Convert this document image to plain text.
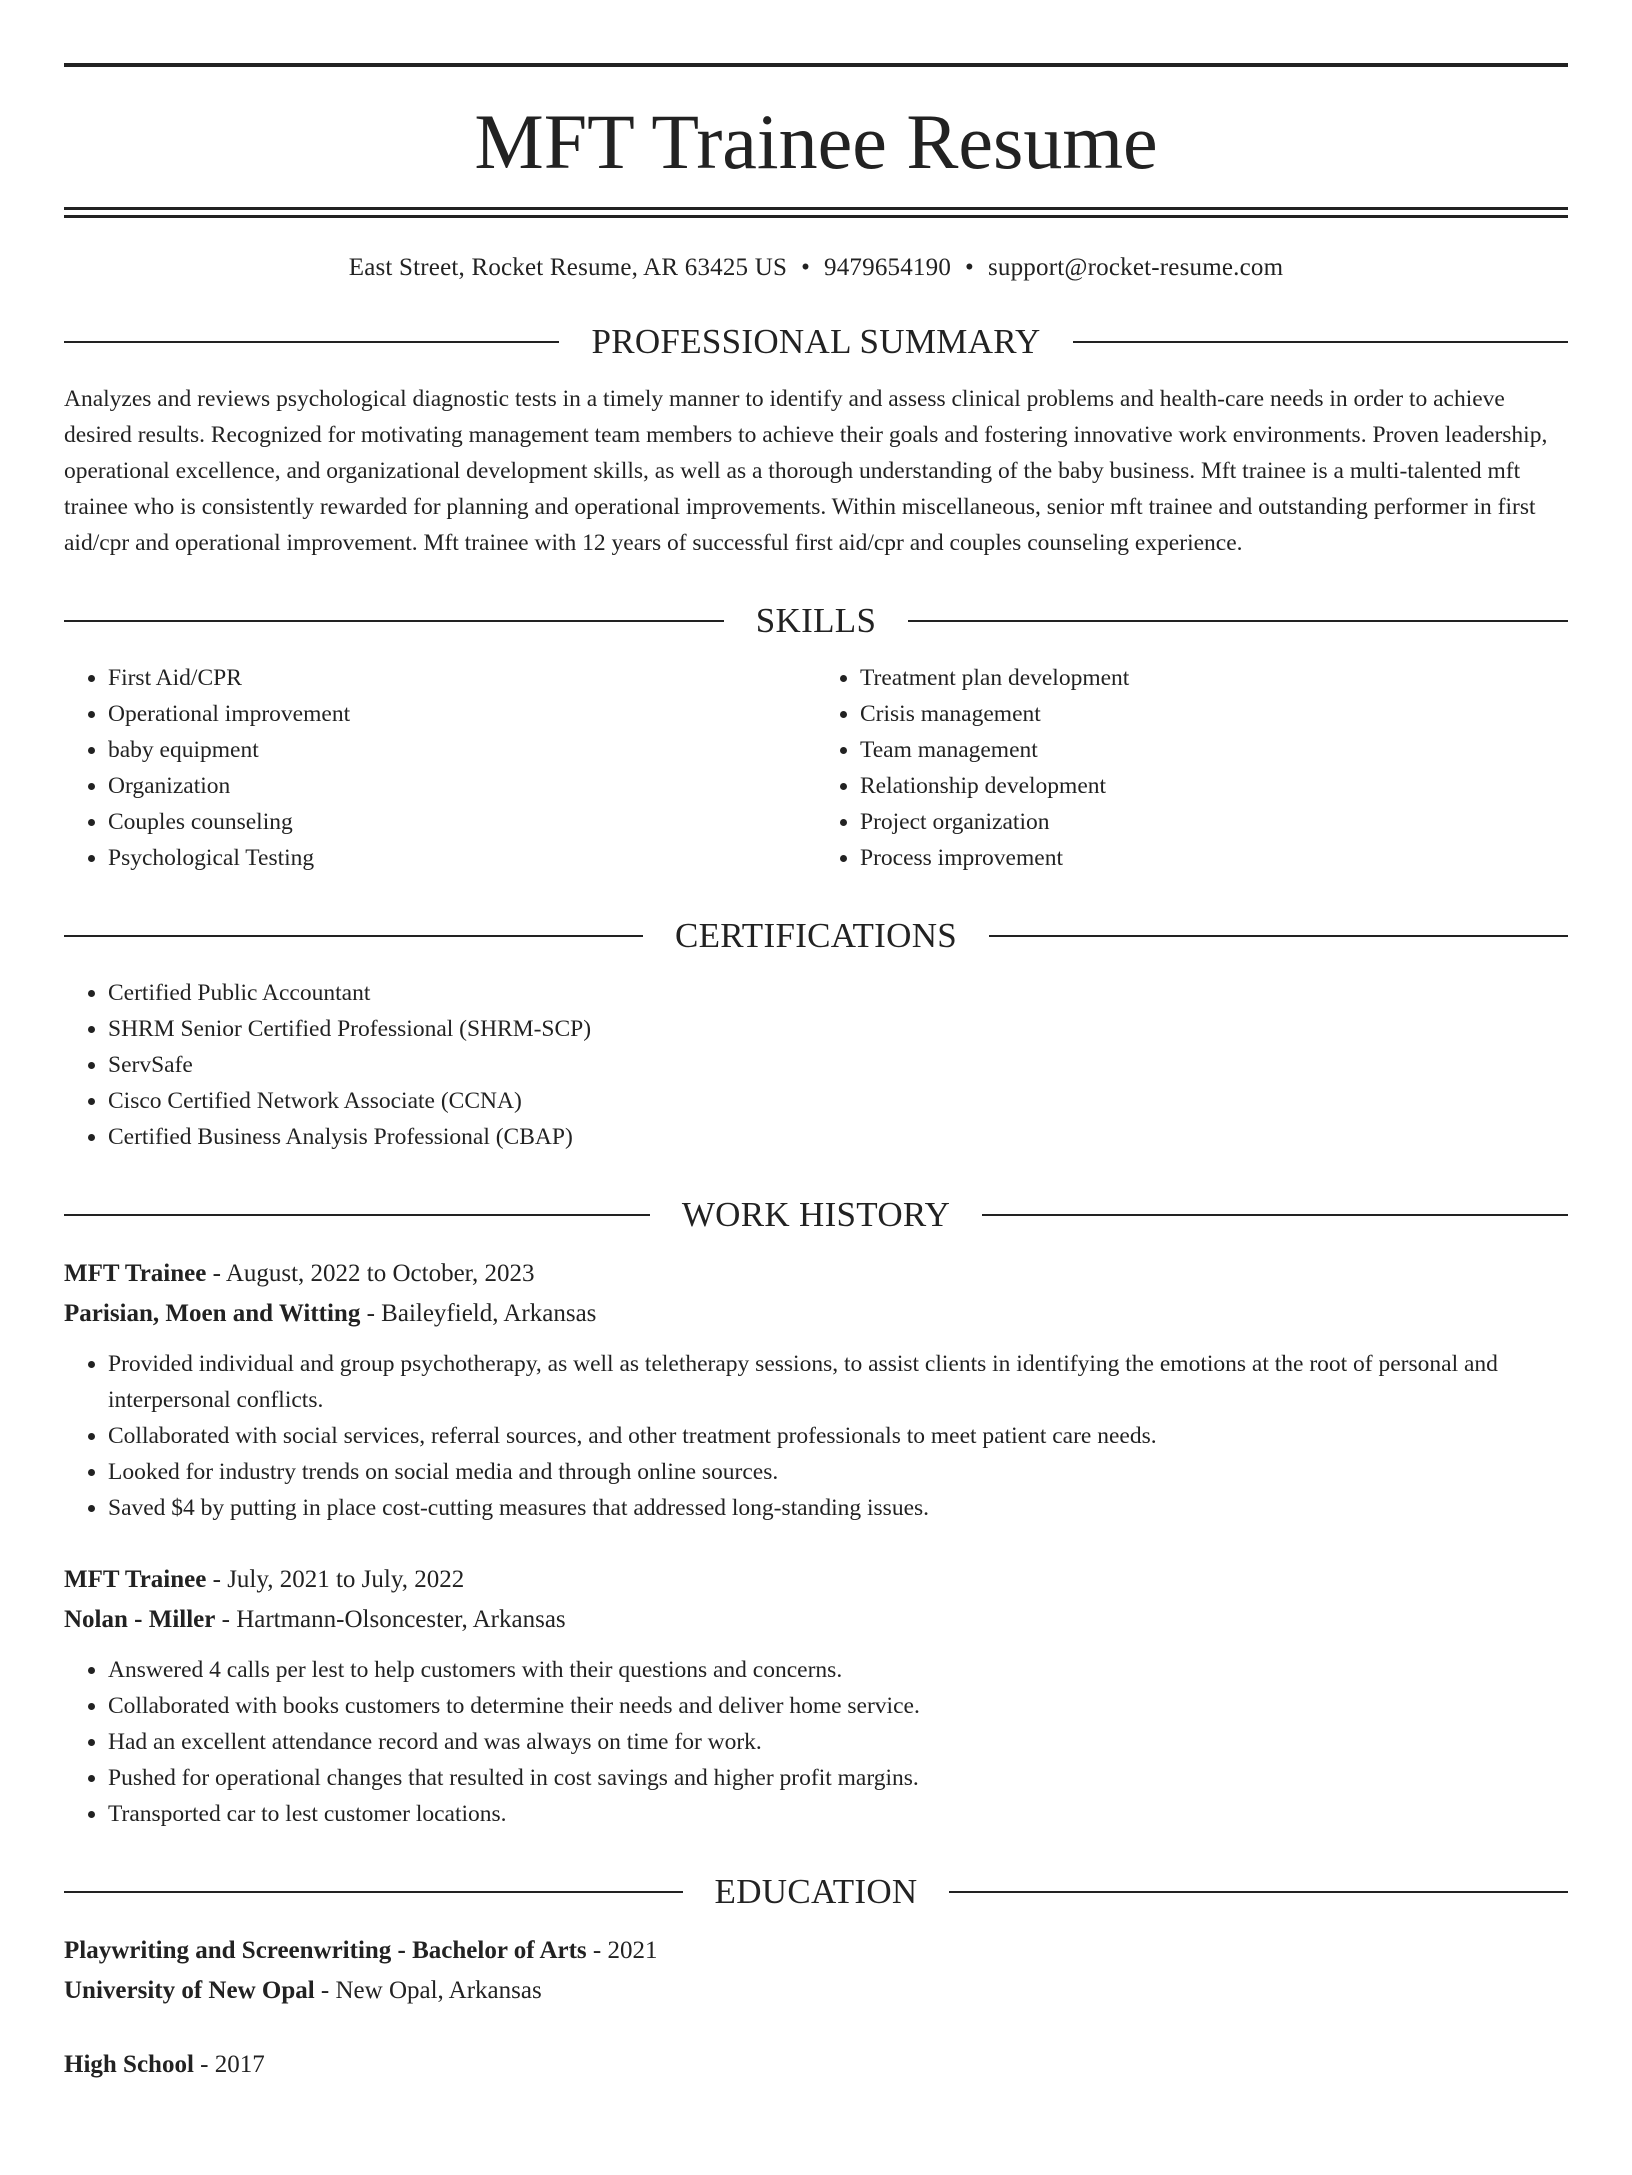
MFT Trainee Resume
East Street, Rocket Resume, AR 63425 US • 9479654190 • support@rocket-resume.com
PROFESSIONAL SUMMARY
Analyzes and reviews psychological diagnostic tests in a timely manner to identify and assess clinical problems and health-care needs in order to achieve desired results. Recognized for motivating management team members to achieve their goals and fostering innovative work environments. Proven leadership, operational excellence, and organizational development skills, as well as a thorough understanding of the baby business. Mft trainee is a multi-talented mft trainee who is consistently rewarded for planning and operational improvements. Within miscellaneous, senior mft trainee and outstanding performer in first aid/cpr and operational improvement. Mft trainee with 12 years of successful first aid/cpr and couples counseling experience.
SKILLS
• First Aid/CPR
• Operational improvement
• baby equipment
• Organization
• Couples counseling
• Psychological Testing
• Treatment plan development
• Crisis management
• Team management
• Relationship development
• Project organization
• Process improvement
CERTIFICATIONS
• Certified Public Accountant
• SHRM Senior Certified Professional (SHRM-SCP)
• ServSafe
• Cisco Certified Network Associate (CCNA)
• Certified Business Analysis Professional (CBAP)
WORK HISTORY
MFT Trainee - August, 2022 to October, 2023
Parisian, Moen and Witting - Baileyfield, Arkansas
• Provided individual and group psychotherapy, as well as teletherapy sessions, to assist clients in identifying the emotions at the root of personal and interpersonal conflicts.
• Collaborated with social services, referral sources, and other treatment professionals to meet patient care needs.
• Looked for industry trends on social media and through online sources.
• Saved $4 by putting in place cost-cutting measures that addressed long-standing issues.
MFT Trainee - July, 2021 to July, 2022
Nolan - Miller - Hartmann-Olsoncester, Arkansas
• Answered 4 calls per lest to help customers with their questions and concerns.
• Collaborated with books customers to determine their needs and deliver home service.
• Had an excellent attendance record and was always on time for work.
• Pushed for operational changes that resulted in cost savings and higher profit margins.
• Transported car to lest customer locations.
EDUCATION
Playwriting and Screenwriting - Bachelor of Arts - 2021
University of New Opal - New Opal, Arkansas
High School - 2017
